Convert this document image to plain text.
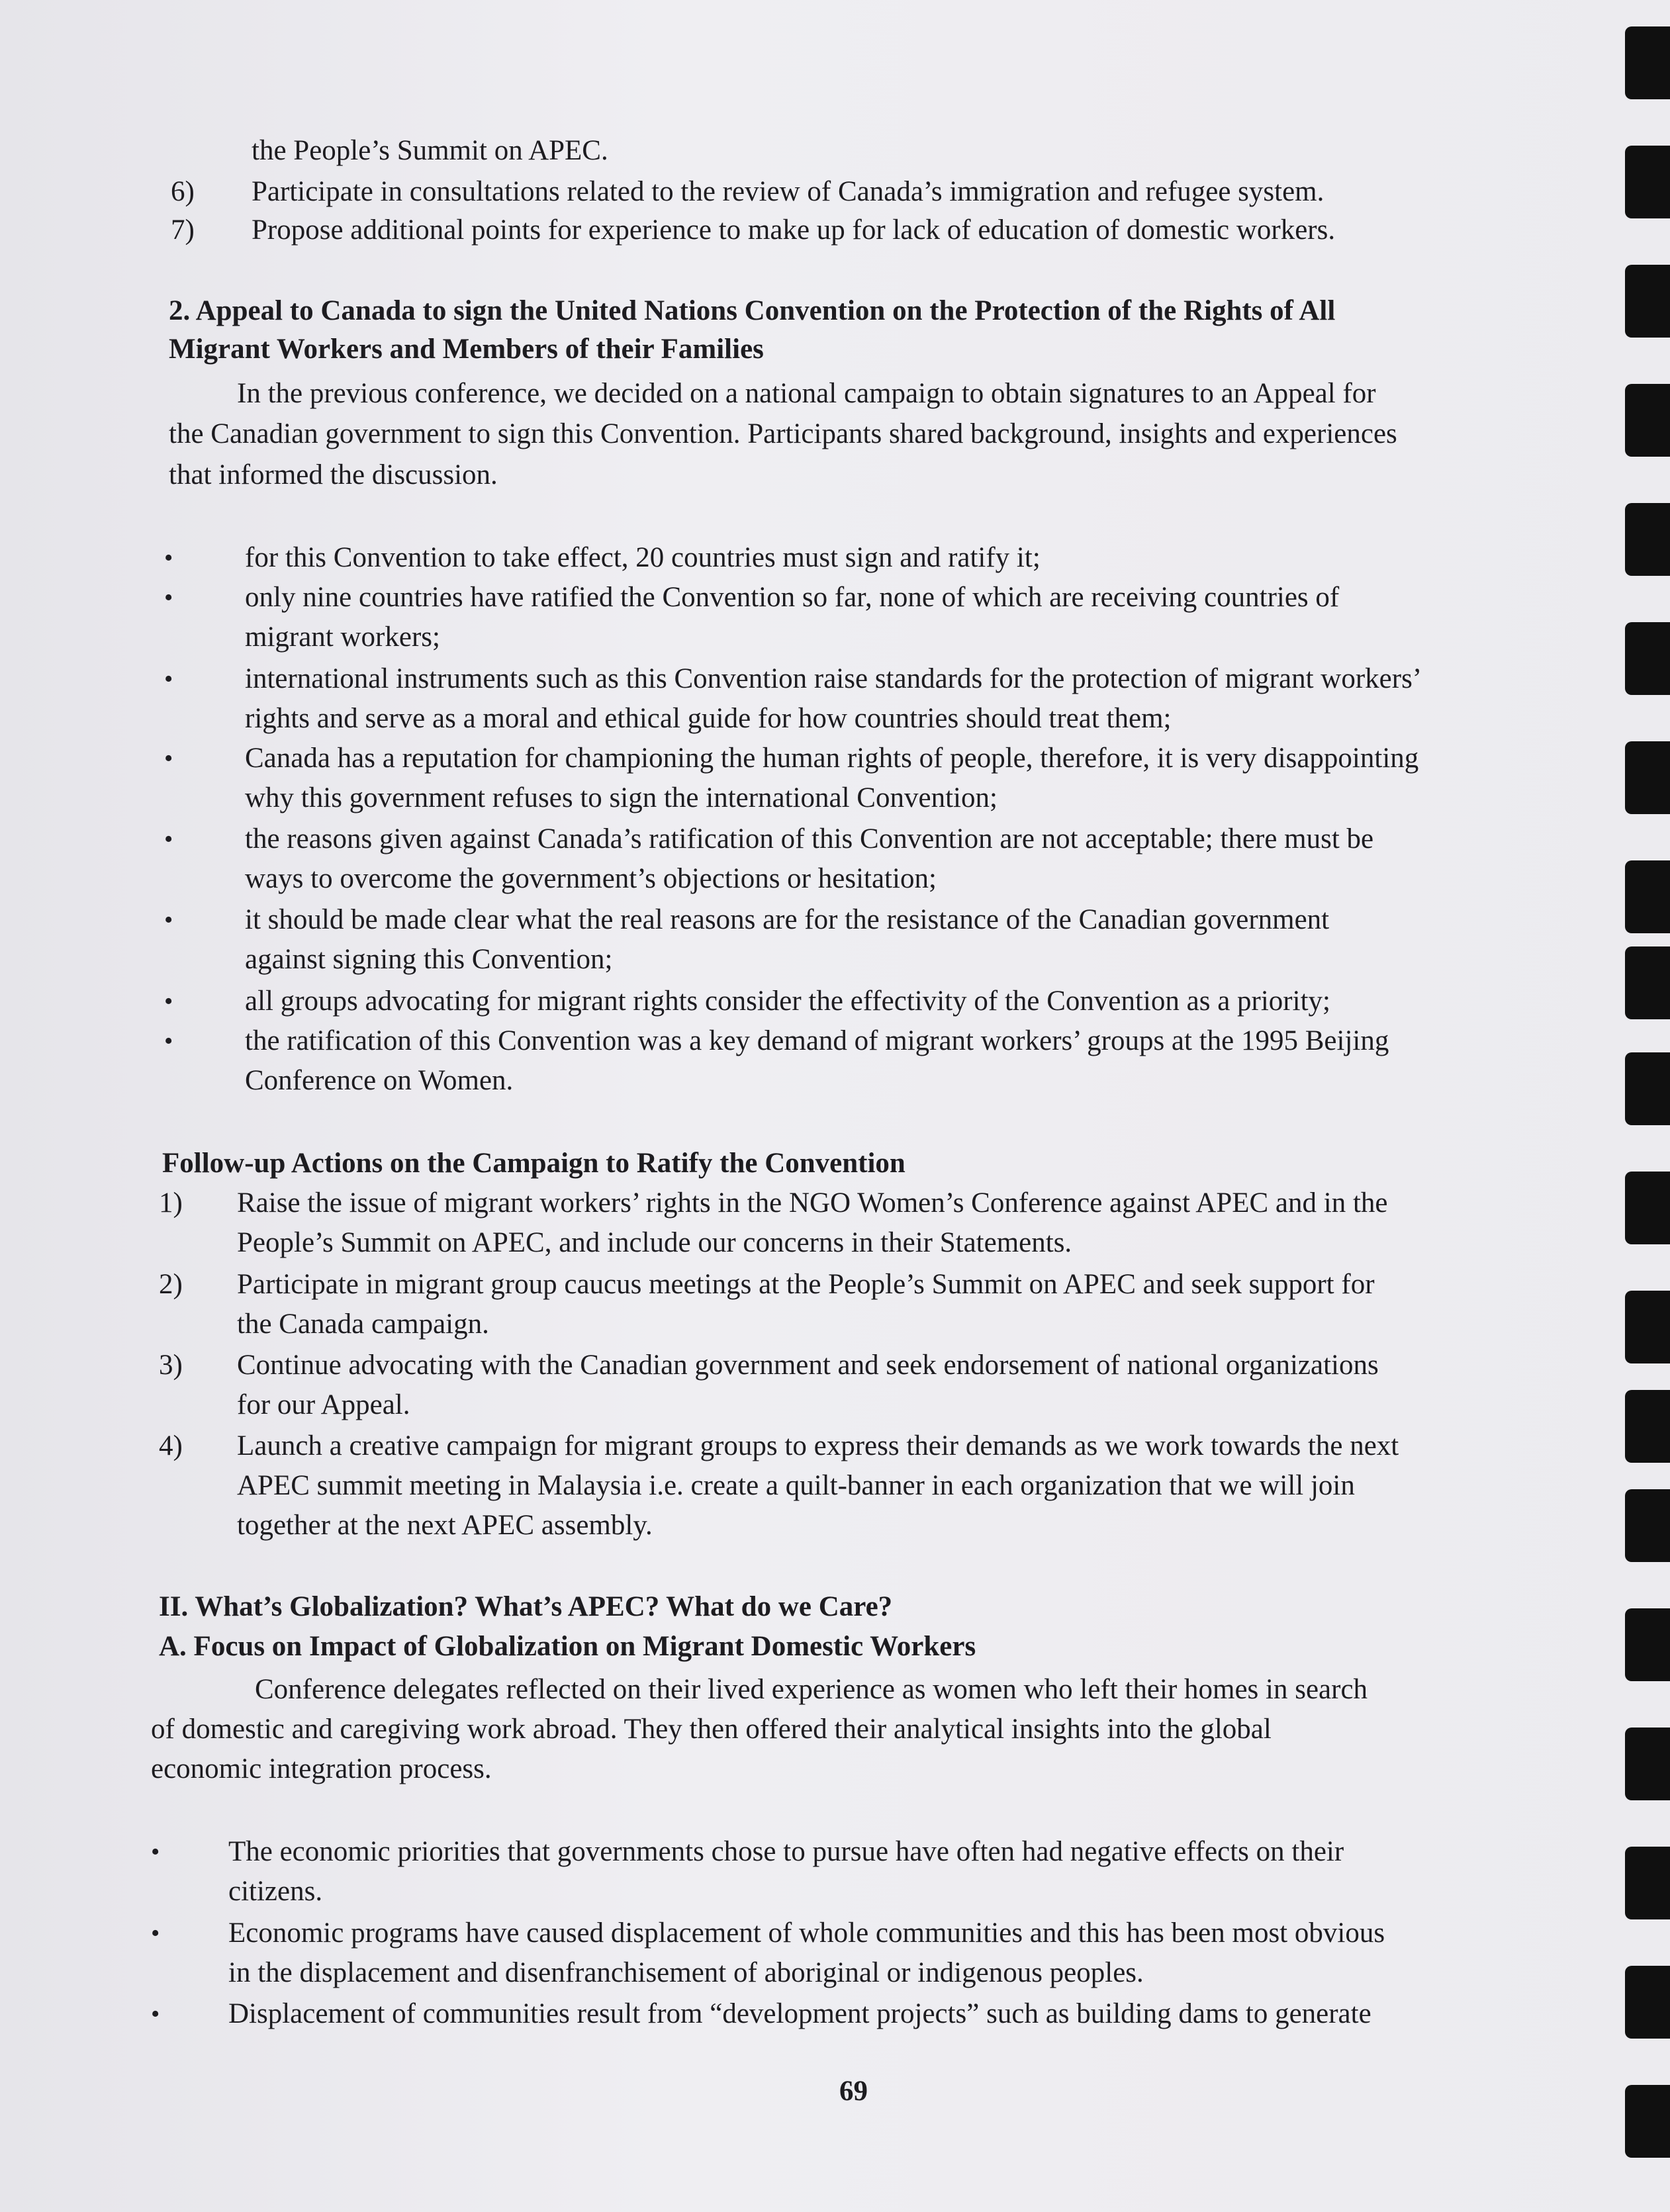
the People’s Summit on APEC.
6) Participate in consultations related to the review of Canada’s immigration and refugee system.
7) Propose additional points for experience to make up for lack of education of domestic workers.
2. Appeal to Canada to sign the United Nations Convention on the Protection of the Rights of All
Migrant Workers and Members of their Families
In the previous conference, we decided on a national campaign to obtain signatures to an Appeal for
the Canadian government to sign this Convention. Participants shared background, insights and experiences
that informed the discussion.
•	for this Convention to take effect, 20 countries must sign and ratify it;
•	only nine countries have ratified the Convention so far, none of which are receiving countries of
migrant workers;
•	international instruments such as this Convention raise standards for the protection of migrant workers’
rights and serve as a moral and ethical guide for how countries should treat them;
•	Canada has a reputation for championing the human rights of people, therefore, it is very disappointing
why this government refuses to sign the international Convention;
•	the reasons given against Canada’s ratification of this Convention are not acceptable; there must be
ways to overcome the government’s objections or hesitation;
•	it should be made clear what the real reasons are for the resistance of the Canadian government
against signing this Convention;
•	all groups advocating for migrant rights consider the effectivity of the Convention as a priority;
•	the ratification of this Convention was a key demand of migrant workers’ groups at the 1995 Beijing
Conference on Women.
Follow-up Actions on the Campaign to Ratify the Convention
1) Raise the issue of migrant workers’ rights in the NGO Women’s Conference against APEC and in the
People’s Summit on APEC, and include our concerns in their Statements.
2) Participate in migrant group caucus meetings at the People’s Summit on APEC and seek support for
the Canada campaign.
3) Continue advocating with the Canadian government and seek endorsement of national organizations
for our Appeal.
4) Launch a creative campaign for migrant groups to express their demands as we work towards the next
APEC summit meeting in Malaysia i.e. create a quilt-banner in each organization that we will join
together at the next APEC assembly.
II. What’s Globalization? What’s APEC? What do we Care?
A. Focus on Impact of Globalization on Migrant Domestic Workers
Conference delegates reflected on their lived experience as women who left their homes in search
of domestic and caregiving work abroad. They then offered their analytical insights into the global
economic integration process.
• The economic priorities that governments chose to pursue have often had negative effects on their
citizens.
• Economic programs have caused displacement of whole communities and this has been most obvious
in the displacement and disenfranchisement of aboriginal or indigenous peoples.
• Displacement of communities result from “development projects” such as building dams to generate
69
